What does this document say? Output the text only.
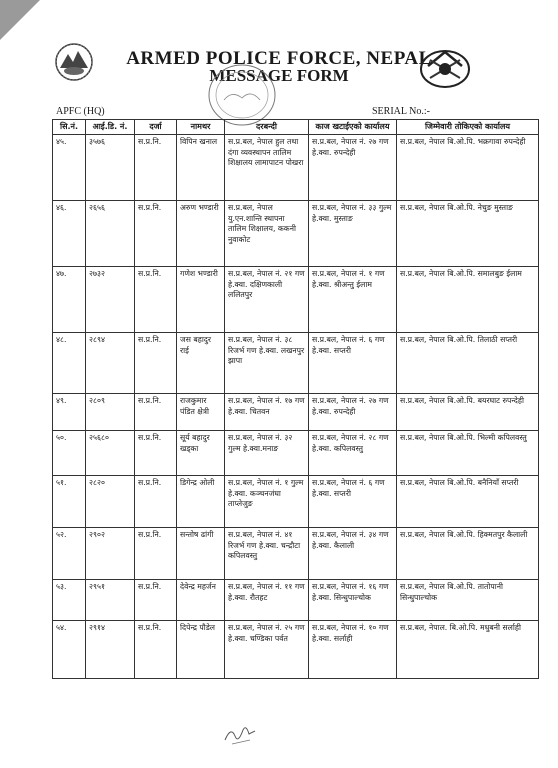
ARMED POLICE FORCE, NEPAL
MESSAGE FORM
APFC (HQ)	SERIAL No.:-
सि.नं.	आई.डि. नं.	दर्जा	नामथर	दरबन्दी	काज खटाईएको कार्यालय	जिम्मेवारी तोकिएको कार्यालय
४५.	३५७६	स.प्र.नि.	विपिन खनाल	स.प्र.बल, नेपाल हुल तथा दंगा व्यवस्थापन तालिम शिक्षालय लामापाटन पोखरा	स.प्र.बल, नेपाल नं. २७ गण हे.क्वा. रुपन्देही	स.प्र.बल, नेपाल बि.ओ.पि. भक्रगावा रुपन्देही
४६.	२६५६	स.प्र.नि.	अरुण भण्डारी	स.प्र.बल, नेपाल यु.एन.शान्ति स्थापना तालिम शिक्षालय, ककनी नुवाकोट	स.प्र.बल, नेपाल नं. ३३ गुल्म हे.क्वा. मुस्ताङ	स.प्र.बल, नेपाल बि.ओ.पि. नेचुङ मुस्ताङ
४७.	२७३२	स.प्र.नि.	गणेश भण्डारी	स.प्र.बल, नेपाल नं. २१ गण हे.क्वा. दक्षिणकाली ललितपुर	स.प्र.बल, नेपाल नं. १ गण हे.क्वा. श्रीअन्तु ईलाम	स.प्र.बल, नेपाल बि.ओ.पि. समालबुङ ईलाम
४८.	२८९४	स.प्र.नि.	जस बहादुर राई	स.प्र.बल, नेपाल नं. ३८ रिजर्भ गण हे.क्वा. लखनपुर झापा	स.प्र.बल, नेपाल नं. ६ गण हे.क्वा. सप्तरी	स.प्र.बल, नेपाल बि.ओ.पि. तिलाठी सप्तरी
४९.	२८०९	स.प्र.नि.	राजकुमार पंडित क्षेत्री	स.प्र.बल, नेपाल नं. १७ गण हे.क्वा. चितवन	स.प्र.बल, नेपाल नं. २७ गण हे.क्वा. रुपन्देही	स.प्र.बल, नेपाल बि.ओ.पि. बयरघाट रुपन्देही
५०.	२५६८०	स.प्र.नि.	सूर्य बहादुर खड्का	स.प्र.बल, नेपाल नं. ३२ गुल्म हे.क्वा.मनाङ	स.प्र.बल, नेपाल नं. २८ गण हे.क्वा. कपिलवस्तु	स.प्र.बल, नेपाल बि.ओ.पि. भिल्मी कपिलवस्तु
५१.	२८२०	स.प्र.नि.	डिगेन्द्र ओली	स.प्र.बल, नेपाल नं. १ गुल्म हे.क्वा. कञ्चनजंघा ताप्लेजुङ	स.प्र.बल, नेपाल नं. ६ गण हे.क्वा. सप्तरी	स.प्र.बल, नेपाल बि.ओ.पि. बनैनियाँ सप्तरी
५२.	२९०२	स.प्र.नि.	सन्तोष ढांगी	स.प्र.बल, नेपाल नं. ४१ रिजर्भ गण हे.क्वा. चन्द्रौटा कपिलवस्तु	स.प्र.बल, नेपाल नं. ३४ गण हे.क्वा. कैलाली	स.प्र.बल, नेपाल बि.ओ.पि. हिक्मतपुर कैलाली
५३.	२९५१	स.प्र.नि.	देवेन्द्र महर्जन	स.प्र.बल, नेपाल नं. ११ गण हे.क्वा. रौतहट	स.प्र.बल, नेपाल नं. १६ गण हे.क्वा. सिन्धुपाल्चोक	स.प्र.बल, नेपाल बि.ओ.पि. तातोपानी सिन्धुपाल्चोक
५४.	२९१४	स.प्र.नि.	दिपेन्द्र पौडेल	स.प्र.बल, नेपाल नं. २५ गण हे.क्वा. चण्डिका पर्वत	स.प्र.बल, नेपाल नं. १० गण हे.क्वा. सर्लाही	स.प्र.बल, नेपाल. बि.ओ.पि. मधुबनी सर्लाही
